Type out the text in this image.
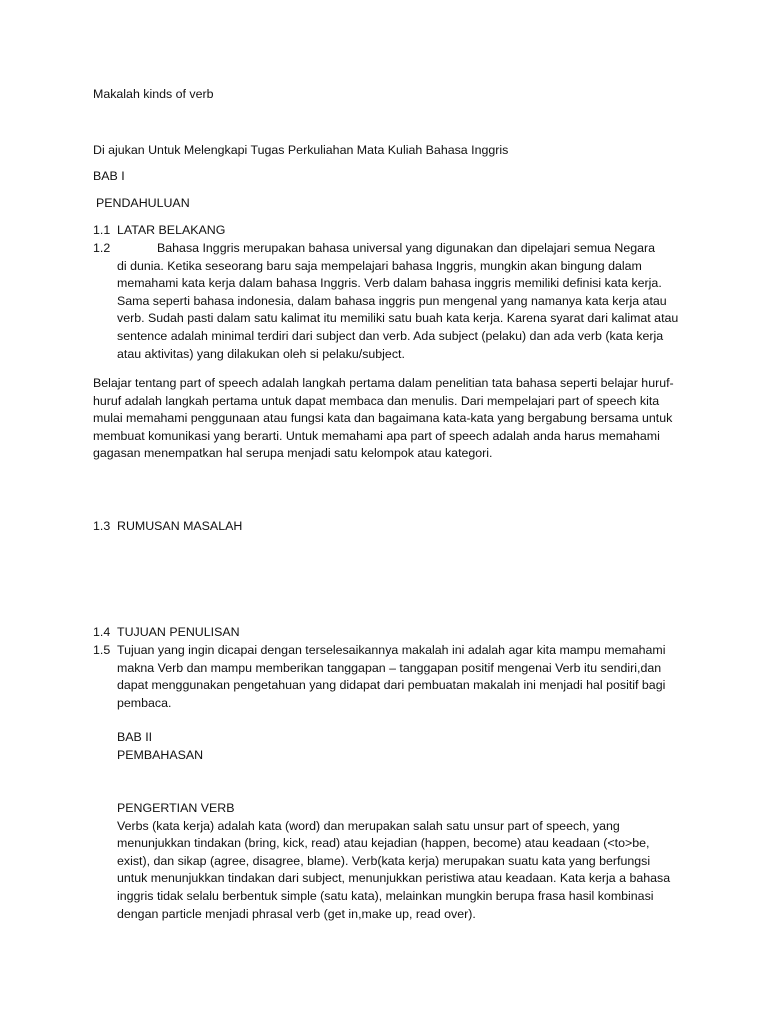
Makalah kinds of verb

Di ajukan Untuk Melengkapi Tugas Perkuliahan Mata Kuliah Bahasa Inggris

BAB I

PENDAHULUAN

1.1 LATAR BELAKANG
1.2	Bahasa Inggris merupakan bahasa universal yang digunakan dan dipelajari semua Negara
di dunia. Ketika seseorang baru saja mempelajari bahasa Inggris, mungkin akan bingung dalam memahami kata kerja dalam bahasa Inggris. Verb dalam bahasa inggris memiliki definisi kata kerja. Sama seperti bahasa indonesia, dalam bahasa inggris pun mengenal yang namanya kata kerja atau verb. Sudah pasti dalam satu kalimat itu memiliki satu buah kata kerja. Karena syarat dari kalimat atau sentence adalah minimal terdiri dari subject dan verb. Ada subject (pelaku) dan ada verb (kata kerja atau aktivitas) yang dilakukan oleh si pelaku/subject.

Belajar tentang part of speech adalah langkah pertama dalam penelitian tata bahasa seperti belajar huruf-huruf adalah langkah pertama untuk dapat membaca dan menulis. Dari mempelajari part of speech kita mulai memahami penggunaan atau fungsi kata dan bagaimana kata-kata yang bergabung bersama untuk membuat komunikasi yang berarti. Untuk memahami apa part of speech adalah anda harus memahami gagasan menempatkan hal serupa menjadi satu kelompok atau kategori.

1.3 RUMUSAN MASALAH
1.4 TUJUAN PENULISAN
1.5 Tujuan yang ingin dicapai dengan terselesaikannya makalah ini adalah agar kita mampu memahami makna Verb dan mampu memberikan tanggapan – tanggapan positif mengenai Verb itu sendiri,dan dapat menggunakan pengetahuan yang didapat dari pembuatan makalah ini menjadi hal positif bagi pembaca.

BAB II

PEMBAHASAN

PENGERTIAN VERB
Verbs (kata kerja) adalah kata (word) dan merupakan salah satu unsur part of speech, yang
menunjukkan tindakan (bring, kick, read) atau kejadian (happen, become) atau keadaan (<to>be, exist), dan sikap (agree, disagree, blame). Verb(kata kerja) merupakan suatu kata yang berfungsi untuk menunjukkan tindakan dari subject, menunjukkan peristiwa atau keadaan. Kata kerja a bahasa inggris tidak selalu berbentuk simple (satu kata), melainkan mungkin berupa frasa hasil kombinasi dengan particle menjadi phrasal verb (get in,make up, read over).
